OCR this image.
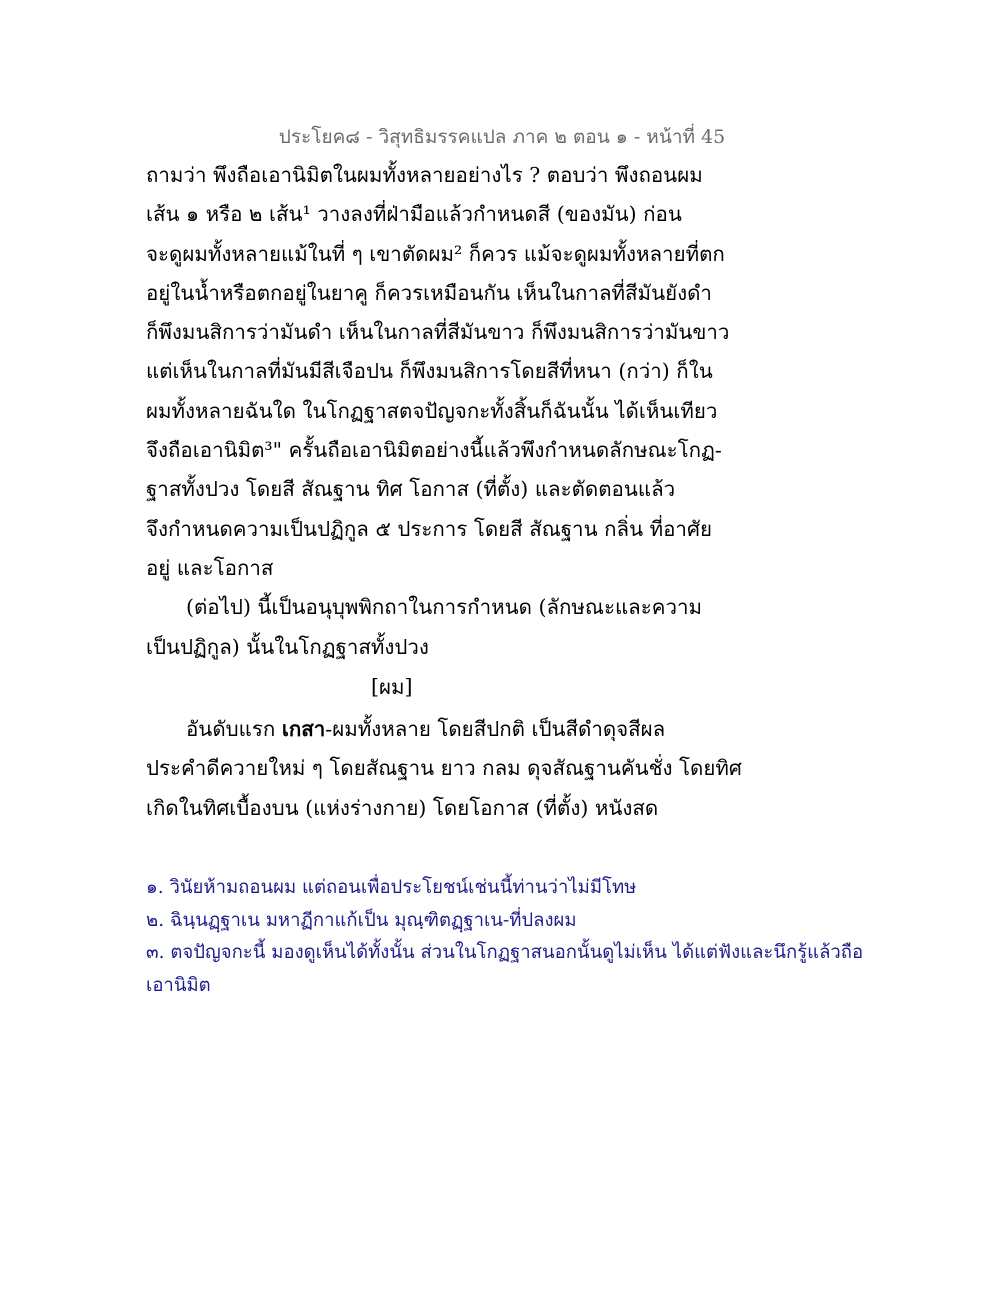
ประโยค๘ - วิสุทธิมรรคแปล ภาค ๒ ตอน ๑ - หน้าที่ 45
ถามว่า พึงถือเอานิมิตในผมทั้งหลายอย่างไร ? ตอบว่า พึงถอนผม
เส้น ๑ หรือ ๒ เส้น¹ วางลงที่ฝ่ามือแล้วกำหนดสี (ของมัน) ก่อน
จะดูผมทั้งหลายแม้ในที่ ๆ เขาตัดผม² ก็ควร แม้จะดูผมทั้งหลายที่ตก
อยู่ในน้ำหรือตกอยู่ในยาคู ก็ควรเหมือนกัน เห็นในกาลที่สีมันยังดำ
ก็พึงมนสิการว่ามันดำ เห็นในกาลที่สีมันขาว ก็พึงมนสิการว่ามันขาว
แต่เห็นในกาลที่มันมีสีเจือปน ก็พึงมนสิการโดยสีที่หนา (กว่า) ก็ใน
ผมทั้งหลายฉันใด ในโกฏฐาสตจปัญจกะทั้งสิ้นก็ฉันนั้น ได้เห็นเทียว
จึงถือเอานิมิต³" ครั้นถือเอานิมิตอย่างนี้แล้วพึงกำหนดลักษณะโกฏ-
ฐาสทั้งปวง โดยสี สัณฐาน ทิศ โอกาส (ที่ตั้ง) และตัดตอนแล้ว
จึงกำหนดความเป็นปฏิกูล ๕ ประการ โดยสี สัณฐาน กลิ่น ที่อาศัย
อยู่ และโอกาส
(ต่อไป) นี้เป็นอนุบุพพิกถาในการกำหนด (ลักษณะและความ
เป็นปฏิกูล) นั้นในโกฏฐาสทั้งปวง
[ผม]
อันดับแรก เกสา-ผมทั้งหลาย โดยสีปกติ เป็นสีดำดุจสีผล
ประคำดีควายใหม่ ๆ โดยสัณฐาน ยาว กลม ดุจสัณฐานคันชั่ง โดยทิศ
เกิดในทิศเบื้องบน (แห่งร่างกาย) โดยโอกาส (ที่ตั้ง) หนังสด
๑. วินัยห้ามถอนผม แต่ถอนเพื่อประโยชน์เช่นนี้ท่านว่าไม่มีโทษ
๒. ฉินฺนฏฺฐาเน มหาฏีกาแก้เป็น มุณฺฑิตฏฺฐาเน-ที่ปลงผม
๓. ตจปัญจกะนี้ มองดูเห็นได้ทั้งนั้น ส่วนในโกฏฐาสนอกนั้นดูไม่เห็น ได้แต่ฟังและนึกรู้แล้วถือ
เอานิมิต
